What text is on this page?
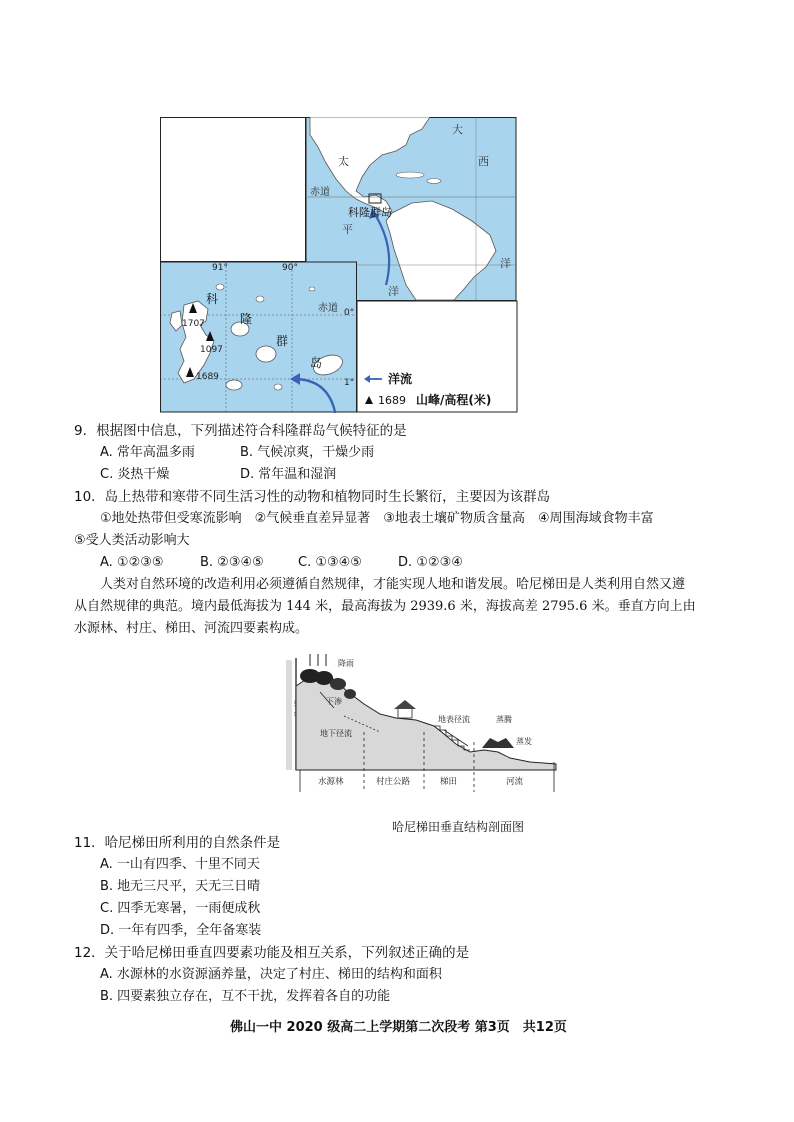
赤道
科隆群岛
平
洋
大
西
洋
太
91°	90°
0°
1°
赤道
科
隆
群
岛
1707
1097
1689	洋流
1689 山峰/高程(米)
9．根据图中信息，下列描述符合科隆群岛气候特征的是
A. 常年高温多雨	B. 气候凉爽，干燥少雨
C. 炎热干燥	D. 常年温和湿润
10．岛上热带和寒带不同生活习性的动物和植物同时生长繁衍，主要因为该群岛
①地处热带但受寒流影响　②气候垂直差异显著　③地表土壤矿物质含量高　④周围海域食物丰富
⑤受人类活动影响大
A. ①②③⑤	B. ②③④⑤	C. ①③④⑤	D. ①②③④
人类对自然环境的改造利用必须遵循自然规律，才能实现人地和谐发展。哈尼梯田是人类利用自然又遵
从自然规律的典范。境内最低海拔为 144 米，最高海拔为 2939.6 米，海拔高差 2795.6 米。垂直方向上由
水源林、村庄、梯田、河流四要素构成。
降雨
下渗
地下径流
地表径流	蒸腾
蒸发
水源林	村庄公路	梯田	河流
哈尼梯田垂直结构剖面图
11．哈尼梯田所利用的自然条件是
A. 一山有四季、十里不同天
B. 地无三尺平，天无三日晴
C. 四季无寒暑，一雨便成秋
D. 一年有四季，全年备寒装
12．关于哈尼梯田垂直四要素功能及相互关系，下列叙述正确的是
A. 水源林的水资源涵养量，决定了村庄、梯田的结构和面积
B. 四要素独立存在，互不干扰，发挥着各自的功能
佛山一中 2020 级高二上学期第二次段考 第3页　共12页
